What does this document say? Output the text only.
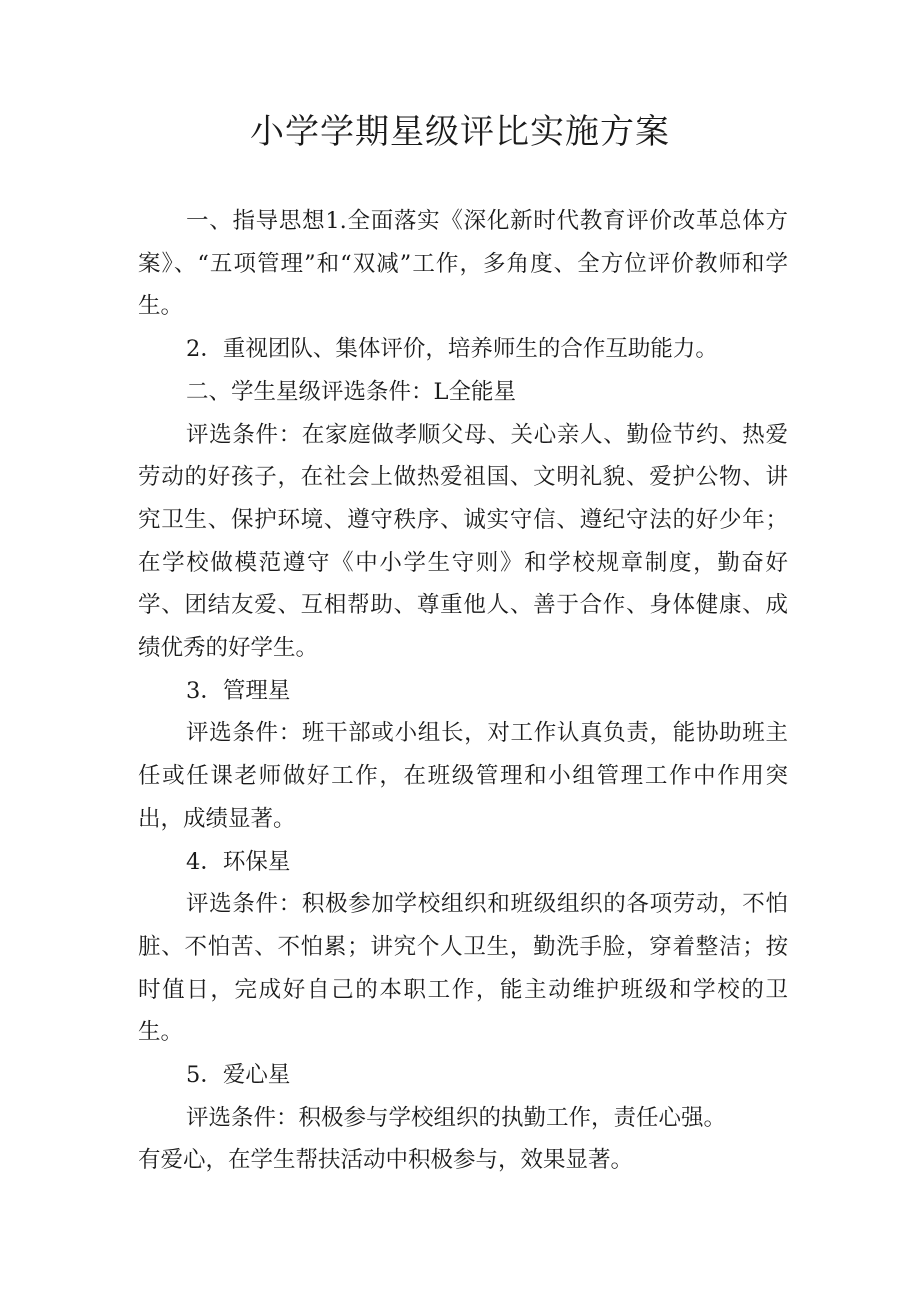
小学学期星级评比实施方案

一、指导思想1.全面落实《深化新时代教育评价改革总体方案》、“五项管理”和“双减”工作，多角度、全方位评价教师和学生。

2．重视团队、集体评价，培养师生的合作互助能力。

二、学生星级评选条件：L全能星

评选条件：在家庭做孝顺父母、关心亲人、勤俭节约、热爱劳动的好孩子，在社会上做热爱祖国、文明礼貌、爱护公物、讲究卫生、保护环境、遵守秩序、诚实守信、遵纪守法的好少年；在学校做模范遵守《中小学生守则》和学校规章制度，勤奋好学、团结友爱、互相帮助、尊重他人、善于合作、身体健康、成绩优秀的好学生。

3．管理星

评选条件：班干部或小组长，对工作认真负责，能协助班主任或任课老师做好工作，在班级管理和小组管理工作中作用突出，成绩显著。

4．环保星

评选条件：积极参加学校组织和班级组织的各项劳动，不怕脏、不怕苦、不怕累；讲究个人卫生，勤洗手脸，穿着整洁；按时值日，完成好自己的本职工作，能主动维护班级和学校的卫生。

5．爱心星

评选条件：积极参与学校组织的执勤工作，责任心强。

有爱心，在学生帮扶活动中积极参与，效果显著。
